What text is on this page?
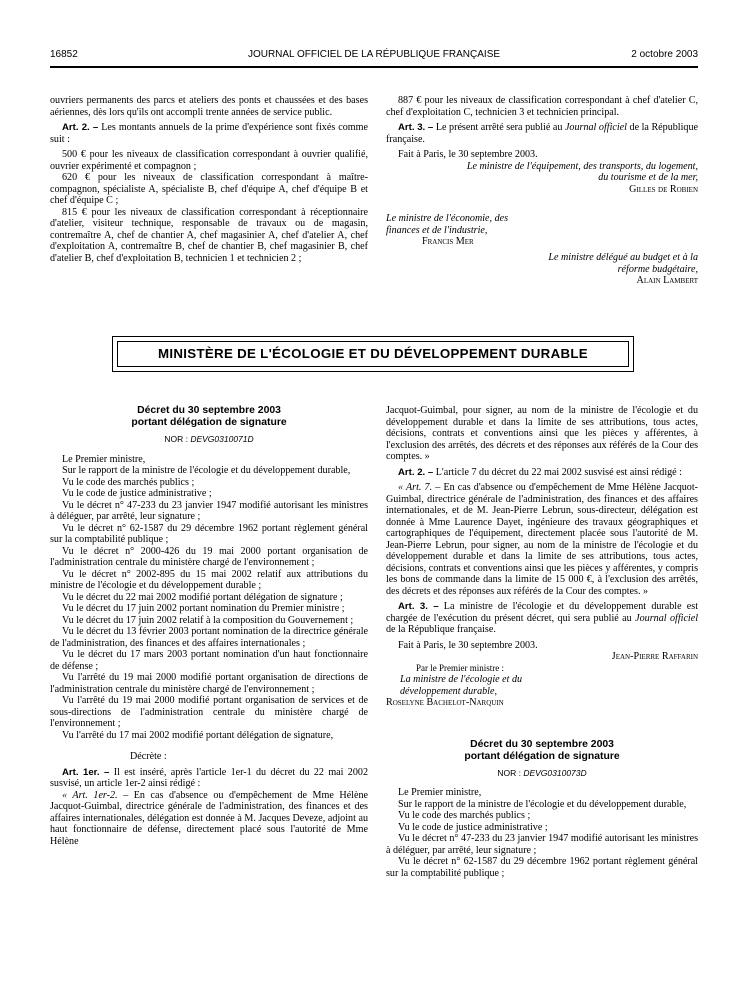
16852	JOURNAL OFFICIEL DE LA RÉPUBLIQUE FRANÇAISE	2 octobre 2003

ouvriers permanents des parcs et ateliers des ponts et chaussées et des bases aériennes, dès lors qu'ils ont accompli trente années de service public.

Art. 2. – Les montants annuels de la prime d'expérience sont fixés comme suit :

500 € pour les niveaux de classification correspondant à ouvrier qualifié, ouvrier expérimenté et compagnon ;

620 € pour les niveaux de classification correspondant à maître-compagnon, spécialiste A, spécialiste B, chef d'équipe A, chef d'équipe B et chef d'équipe C ;

815 € pour les niveaux de classification correspondant à réceptionnaire d'atelier, visiteur technique, responsable de travaux ou de magasin, contremaître A, chef de chantier A, chef magasinier A, chef d'atelier A, chef d'exploitation A, contremaître B, chef de chantier B, chef magasinier B, chef d'atelier B, chef d'exploitation B, technicien 1 et technicien 2 ;

887 € pour les niveaux de classification correspondant à chef d'atelier C, chef d'exploitation C, technicien 3 et technicien principal.

Art. 3. – Le présent arrêté sera publié au Journal officiel de la République française.

Fait à Paris, le 30 septembre 2003.

Le ministre de l'équipement, des transports, du logement, du tourisme et de la mer,
Gilles de Robien
Le ministre de l'économie, des finances et de l'industrie,
Francis Mer
Le ministre délégué au budget et à la réforme budgétaire,
Alain Lambert
MINISTÈRE DE L'ÉCOLOGIE ET DU DÉVELOPPEMENT DURABLE
Décret du 30 septembre 2003
portant délégation de signature
NOR : DEVG0310071D

Le Premier ministre,

Sur le rapport de la ministre de l'écologie et du développement durable,

Vu le code des marchés publics ;

Vu le code de justice administrative ;

Vu le décret n° 47-233 du 23 janvier 1947 modifié autorisant les ministres à déléguer, par arrêté, leur signature ;

Vu le décret n° 62-1587 du 29 décembre 1962 portant règlement général sur la comptabilité publique ;

Vu le décret n° 2000-426 du 19 mai 2000 portant organisation de l'administration centrale du ministère chargé de l'environnement ;

Vu le décret n° 2002-895 du 15 mai 2002 relatif aux attributions du ministre de l'écologie et du développement durable ;

Vu le décret du 22 mai 2002 modifié portant délégation de signature ;

Vu le décret du 17 juin 2002 portant nomination du Premier ministre ;

Vu le décret du 17 juin 2002 relatif à la composition du Gouvernement ;

Vu le décret du 13 février 2003 portant nomination de la directrice générale de l'administration, des finances et des affaires internationales ;

Vu le décret du 17 mars 2003 portant nomination d'un haut fonctionnaire de défense ;

Vu l'arrêté du 19 mai 2000 modifié portant organisation de directions de l'administration centrale du ministère chargé de l'environnement ;

Vu l'arrêté du 19 mai 2000 modifié portant organisation de services et de sous-directions de l'administration centrale du ministère chargé de l'environnement ;

Vu l'arrêté du 17 mai 2002 modifié portant délégation de signature,

Décrète :

Art. 1er. – Il est inséré, après l'article 1er-1 du décret du 22 mai 2002 susvisé, un article 1er-2 ainsi rédigé :

« Art. 1er-2. – En cas d'absence ou d'empêchement de Mme Hélène Jacquot-Guimbal, directrice générale de l'administration, des finances et des affaires internationales, délégation est donnée à M. Jacques Deveze, adjoint au haut fonctionnaire de défense, directement placé sous l'autorité de Mme Hélène

Jacquot-Guimbal, pour signer, au nom de la ministre de l'écologie et du développement durable et dans la limite de ses attributions, tous actes, décisions, contrats et conventions ainsi que les pièces y afférentes, à l'exclusion des arrêtés, des décrets et des réponses aux référés de la Cour des comptes. »

Art. 2. – L'article 7 du décret du 22 mai 2002 susvisé est ainsi rédigé :

« Art. 7. – En cas d'absence ou d'empêchement de Mme Hélène Jacquot-Guimbal, directrice générale de l'administration, des finances et des affaires internationales, et de M. Jean-Pierre Lebrun, sous-directeur, délégation est donnée à Mme Laurence Dayet, ingénieure des travaux géographiques et cartographiques de l'équipement, directement placée sous l'autorité de M. Jean-Pierre Lebrun, pour signer, au nom de la ministre de l'écologie et du développement durable et dans la limite de ses attributions, tous actes, décisions, contrats et conventions ainsi que les pièces y afférentes, y compris les bons de commande dans la limite de 15 000 €, à l'exclusion des arrêtés, des décrets et des réponses aux référés de la Cour des comptes. »

Art. 3. – La ministre de l'écologie et du développement durable est chargée de l'exécution du présent décret, qui sera publié au Journal officiel de la République française.

Fait à Paris, le 30 septembre 2003.

Jean-Pierre Raffarin
Par le Premier ministre :
La ministre de l'écologie et du développement durable,
Roselyne Bachelot-Narquin
Décret du 30 septembre 2003
portant délégation de signature
NOR : DEVG0310073D

Le Premier ministre,

Sur le rapport de la ministre de l'écologie et du développement durable,

Vu le code des marchés publics ;

Vu le code de justice administrative ;

Vu le décret n° 47-233 du 23 janvier 1947 modifié autorisant les ministres à déléguer, par arrêté, leur signature ;

Vu le décret n° 62-1587 du 29 décembre 1962 portant règlement général sur la comptabilité publique ;
